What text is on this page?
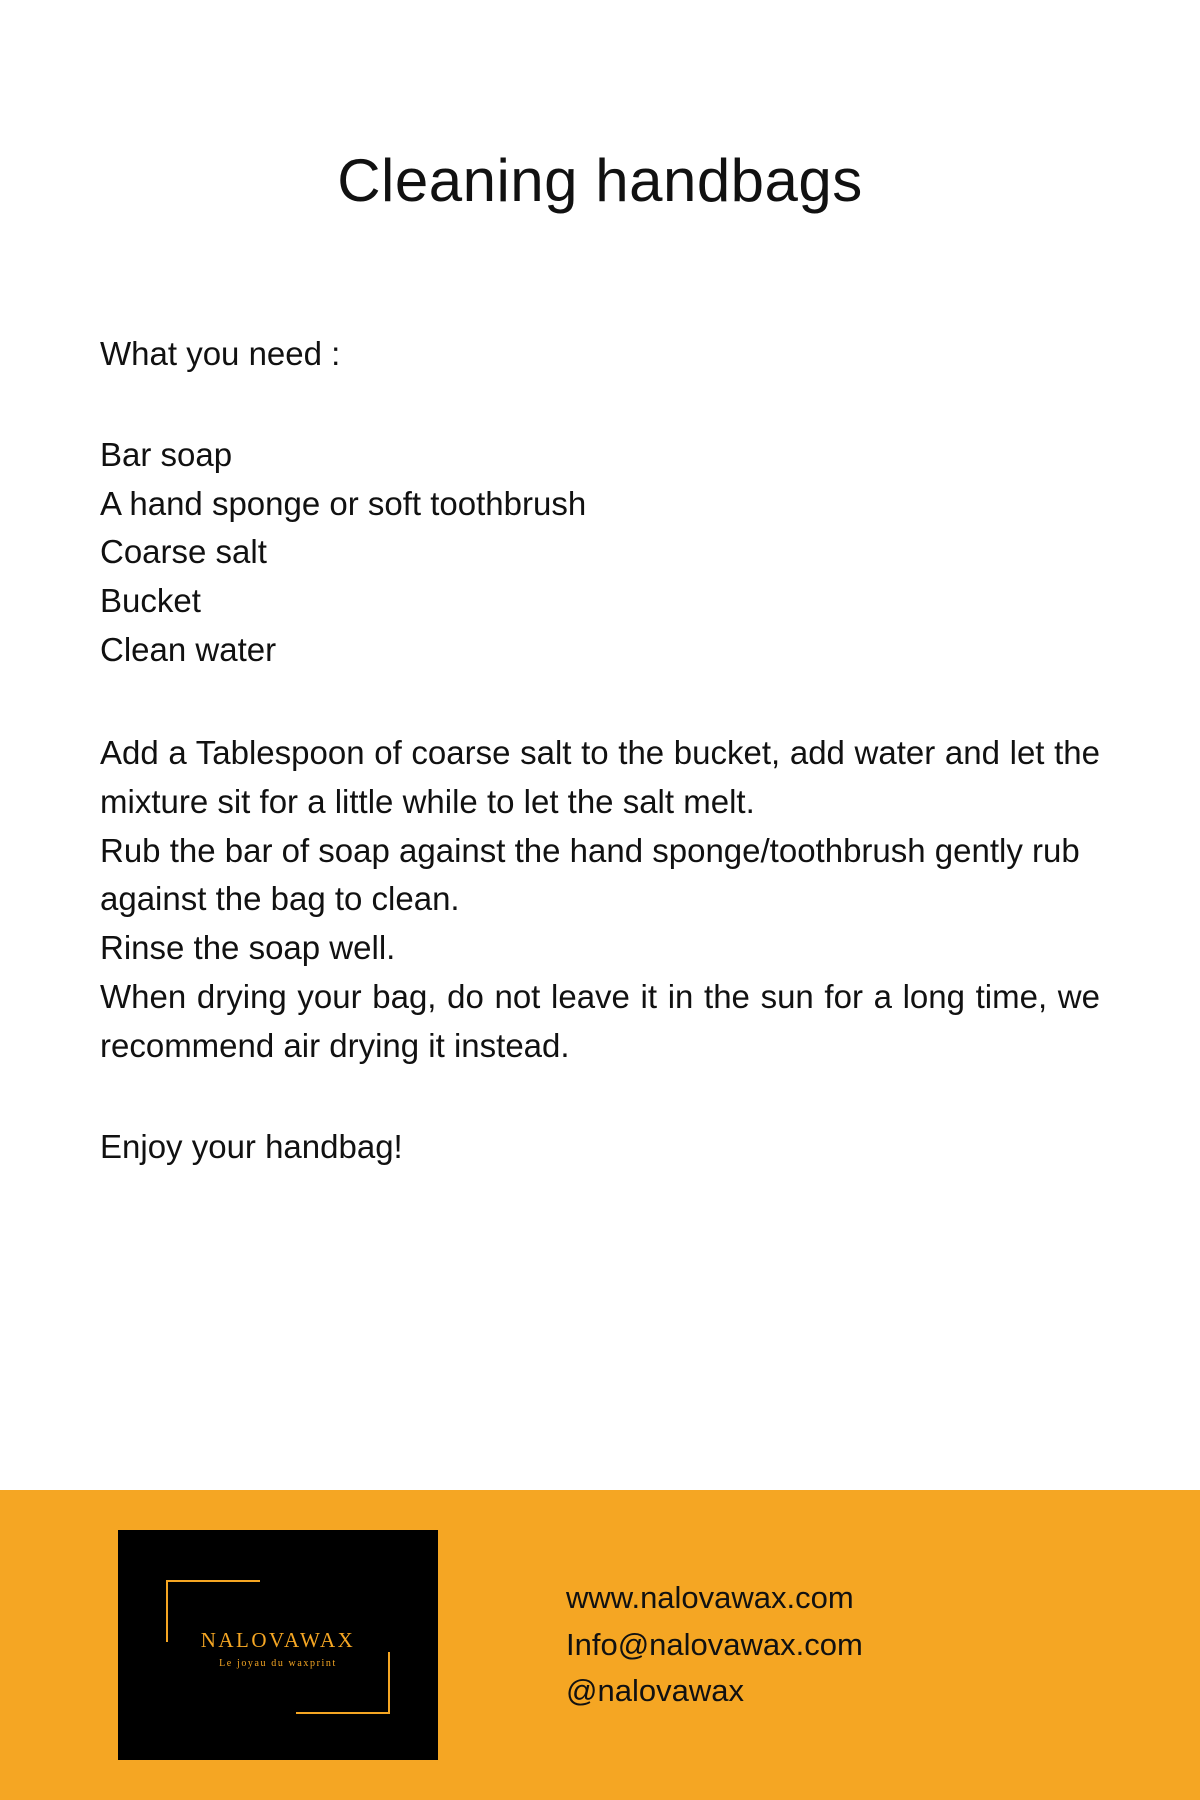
Cleaning handbags

What you need :

Bar soap
A hand sponge or soft toothbrush
Coarse salt
Bucket
Clean water

Add a Tablespoon of coarse salt to the bucket, add water and let the mixture sit for a little while to let the salt melt.

Rub the bar of soap against the hand sponge/toothbrush gently rub against the bag to clean.

Rinse the soap well.

When drying your bag, do not leave it in the sun for a long time, we recommend air drying it instead.

Enjoy your handbag!

NALOVAWAX
Le joyau du waxprint
www.nalovawax.com
Info@nalovawax.com
@nalovawax
